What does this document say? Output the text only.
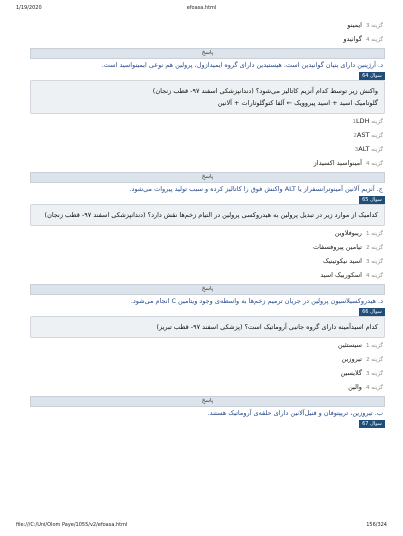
1/19/2020	efoasa.html
گزینه 3ایمینو
گزینه 4گوانیدو
پاسخ
د. آرژینین دارای بنیان گوانیدین است. هیستیدین دارای گروه ایمیدازول، پرولین هم نوعی ایمینواسید است.
سوال 64

واکنش زیر توسط کدام آنزیم کاتالیز می‌شود؟ (دندانپزشکی اسفند ۹۷- قطب زنجان)

گلوتامیک اسید + اسید پیروویک ← آلفا کتوگلوتارات + آلانین

گزینه 1LDH
گزینه 2AST
گزینه 3ALT
گزینه 4آمینواسید اکسیداز
پاسخ
ج. آنزیم آلانین آمینوترانسفراز یا ALT واکنش فوق را کاتالیز کرده و سبب تولید پیروات می‌شود.
سوال 65

کدامیک از موارد زیر در تبدیل پرولین به هیدروکسی پرولین در التیام زخم‌ها نقش دارد؟ (دندانپزشکی اسفند ۹۷- قطب زنجان)

گزینه 1ریبوفلاوین
گزینه 2تیامین پیروفسفات
گزینه 3اسید نیکوتینیک
گزینه 4اسکوربیک اسید
پاسخ
د. هیدروکسیلاسیون پرولین در جریان ترمیم زخم‌ها به واسطه‌ی وجود ویتامین C انجام می‌شود.
سوال 66

کدام اسیدآمینه دارای گروه جانبی آروماتیک است؟ (پزشکی اسفند ۹۷- قطب تبریز)

گزینه 1سیستئین
گزینه 2تیروزین
گزینه 3گلایسین
گزینه 4والین
پاسخ
ب. تیروزین، تریپتوفان و فنیل‌آلانین دارای حلقه‌ی آروماتیک هستند.
سوال 67
file:///C:/Uni/Olom Paye/1055/v2/efoasa.html	156/324
